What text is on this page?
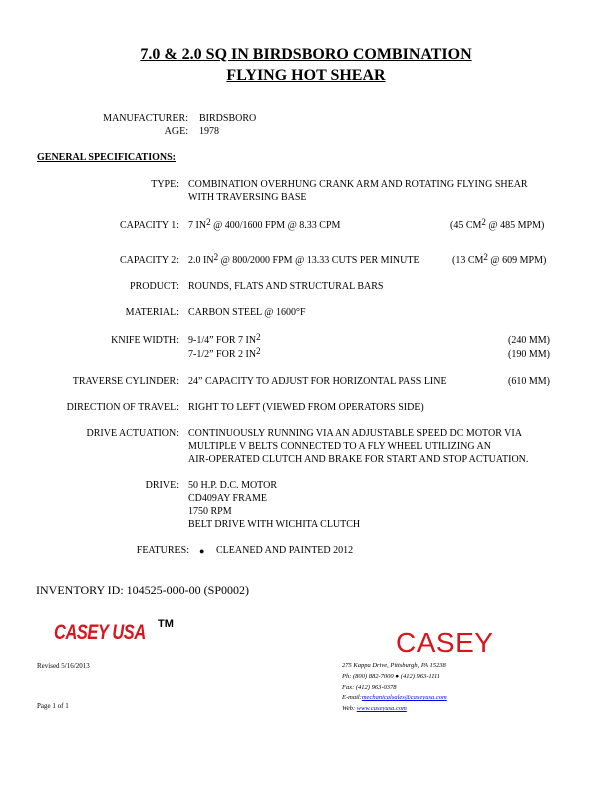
7.0 & 2.0 SQ IN BIRDSBORO COMBINATION
FLYING HOT SHEAR
MANUFACTURER: BIRDSBORO
AGE: 1978
GENERAL SPECIFICATIONS:
TYPE: COMBINATION OVERHUNG CRANK ARM AND ROTATING FLYING SHEAR
WITH TRAVERSING BASE
CAPACITY 1: 7 $IN^2$ @ 400/1600 FPM @ 8.33 CPM	(45 $CM^2$ @ 485 MPM)
CAPACITY 2: 2.0 $IN^2$ @ 800/2000 FPM @ 13.33 CUTS PER MINUTE	(13 $CM^2$ @ 609 MPM)
PRODUCT: ROUNDS, FLATS AND STRUCTURAL BARS
MATERIAL: CARBON STEEL @ 1600°F
KNIFE WIDTH: 9-1/4” FOR 7 $IN^2$	(240 MM)
7-1/2” FOR 2 $IN^2$	(190 MM)
TRAVERSE CYLINDER: 24” CAPACITY TO ADJUST FOR HORIZONTAL PASS LINE	(610 MM)
DIRECTION OF TRAVEL: RIGHT TO LEFT (VIEWED FROM OPERATORS SIDE)
DRIVE ACTUATION: CONTINUOUSLY RUNNING VIA AN ADJUSTABLE SPEED DC MOTOR VIA
MULTIPLE V BELTS CONNECTED TO A FLY WHEEL UTILIZING AN
AIR-OPERATED CLUTCH AND BRAKE FOR START AND STOP ACTUATION.
DRIVE: 50 H.P. D.C. MOTOR
CD409AY FRAME
1750 RPM
BELT DRIVE WITH WICHITA CLUTCH
FEATURES: ● CLEANED AND PAINTED 2012
INVENTORY ID: 104525-000-00 (SP0002)
CASEY USA TM
CASEY
Revised 5/16/2013
Page 1 of 1
275 Kappa Drive, Pittsburgh, PA 15238
Ph: (800) 882-7000 ● (412) 963-1111
Fax: (412) 963-0378
E-mail:mechanicalsales@caseyusa.com
Web: www.caseyusa.com
